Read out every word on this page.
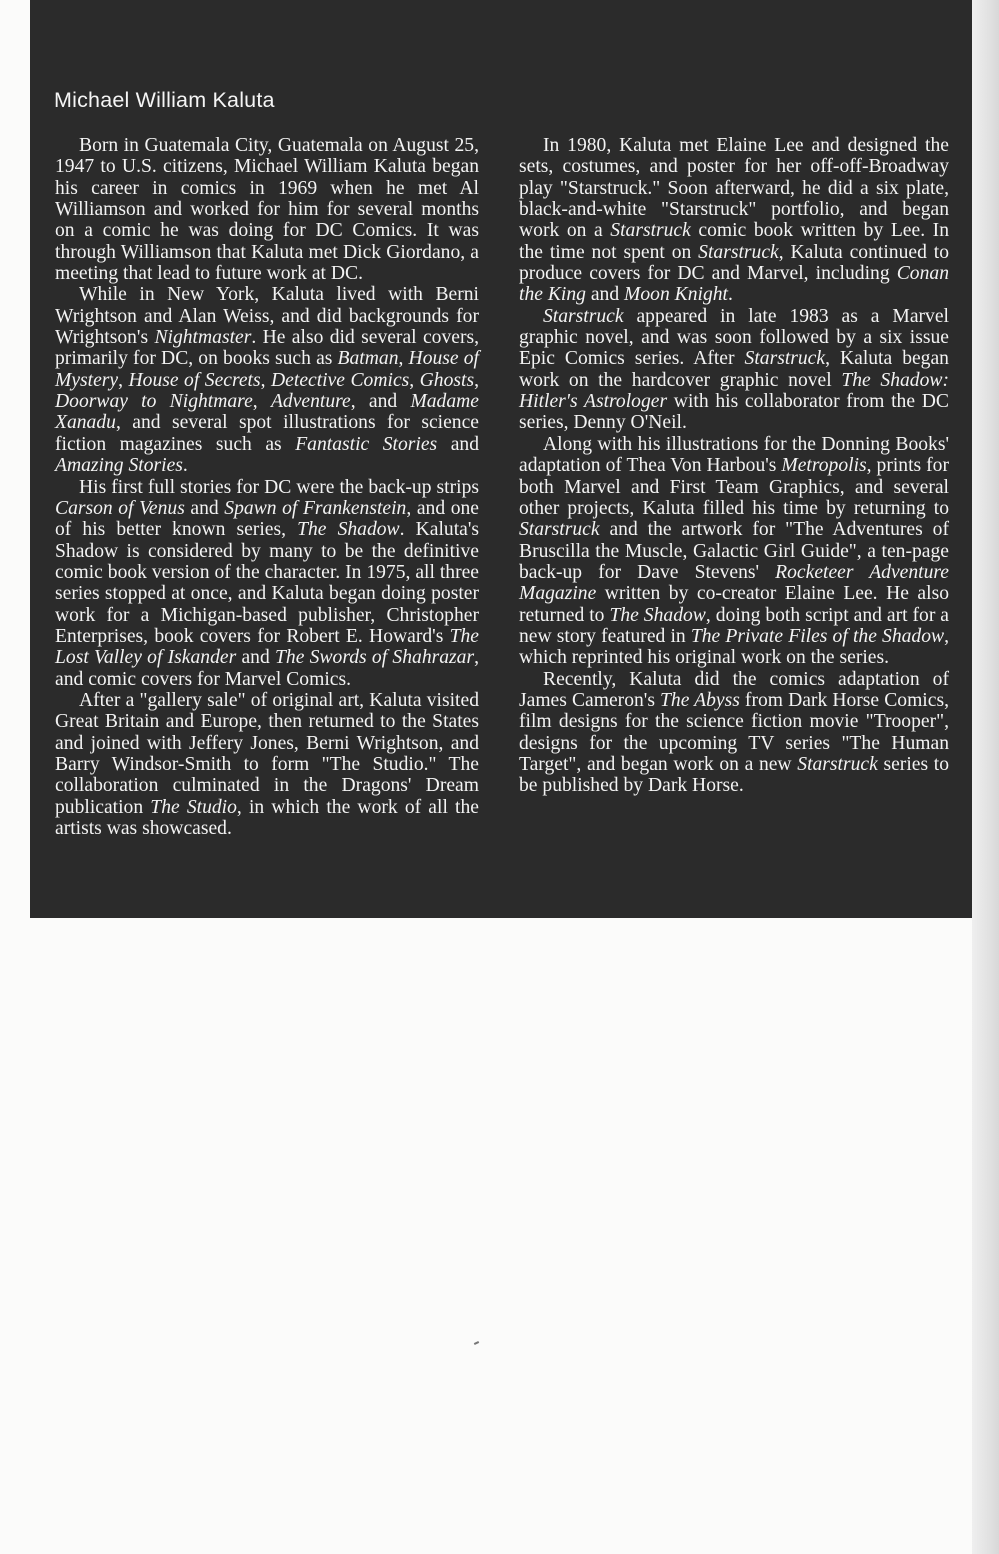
Michael William Kaluta

Born in Guatemala City, Guatemala on August 25, 1947 to U.S. citizens, Michael William Kaluta began his career in comics in 1969 when he met Al Williamson and worked for him for several months on a comic he was doing for DC Comics. It was through Williamson that Kaluta met Dick Giordano, a meeting that lead to future work at DC.

While in New York, Kaluta lived with Berni Wrightson and Alan Weiss, and did backgrounds for Wrightson's Nightmaster. He also did several covers, primarily for DC, on books such as Batman, House of Mystery, House of Secrets, Detective Comics, Ghosts, Doorway to Nightmare, Adventure, and Madame Xanadu, and several spot illustrations for science fiction magazines such as Fantastic Stories and Amazing Stories.

His first full stories for DC were the back-up strips Carson of Venus and Spawn of Frankenstein, and one of his better known series, The Shadow. Kaluta's Shadow is considered by many to be the definitive comic book version of the character. In 1975, all three series stopped at once, and Kaluta began doing poster work for a Michigan-based publisher, Christopher Enterprises, book covers for Robert E. Howard's The Lost Valley of Iskander and The Swords of Shahrazar, and comic covers for Marvel Comics.

After a "gallery sale" of original art, Kaluta visited Great Britain and Europe, then returned to the States and joined with Jeffery Jones, Berni Wrightson, and Barry Windsor-Smith to form "The Studio." The collaboration culminated in the Dragons' Dream publication The Studio, in which the work of all the artists was showcased.

In 1980, Kaluta met Elaine Lee and designed the sets, costumes, and poster for her off-off-Broadway play "Starstruck." Soon afterward, he did a six plate, black-and-white "Starstruck" portfolio, and began work on a Starstruck comic book written by Lee. In the time not spent on Starstruck, Kaluta continued to produce covers for DC and Marvel, including Conan the King and Moon Knight.

Starstruck appeared in late 1983 as a Marvel graphic novel, and was soon followed by a six issue Epic Comics series. After Starstruck, Kaluta began work on the hardcover graphic novel The Shadow: Hitler's Astrologer with his collaborator from the DC series, Denny O'Neil.

Along with his illustrations for the Donning Books' adaptation of Thea Von Harbou's Metropolis, prints for both Marvel and First Team Graphics, and several other projects, Kaluta filled his time by returning to Starstruck and the artwork for "The Adventures of Bruscilla the Muscle, Galactic Girl Guide", a ten-page back-up for Dave Stevens' Rocketeer Adventure Magazine written by co-creator Elaine Lee. He also returned to The Shadow, doing both script and art for a new story featured in The Private Files of the Shadow, which reprinted his original work on the series.

Recently, Kaluta did the comics adaptation of James Cameron's The Abyss from Dark Horse Comics, film designs for the science fiction movie "Trooper", designs for the upcoming TV series "The Human Target", and began work on a new Starstruck series to be published by Dark Horse.
